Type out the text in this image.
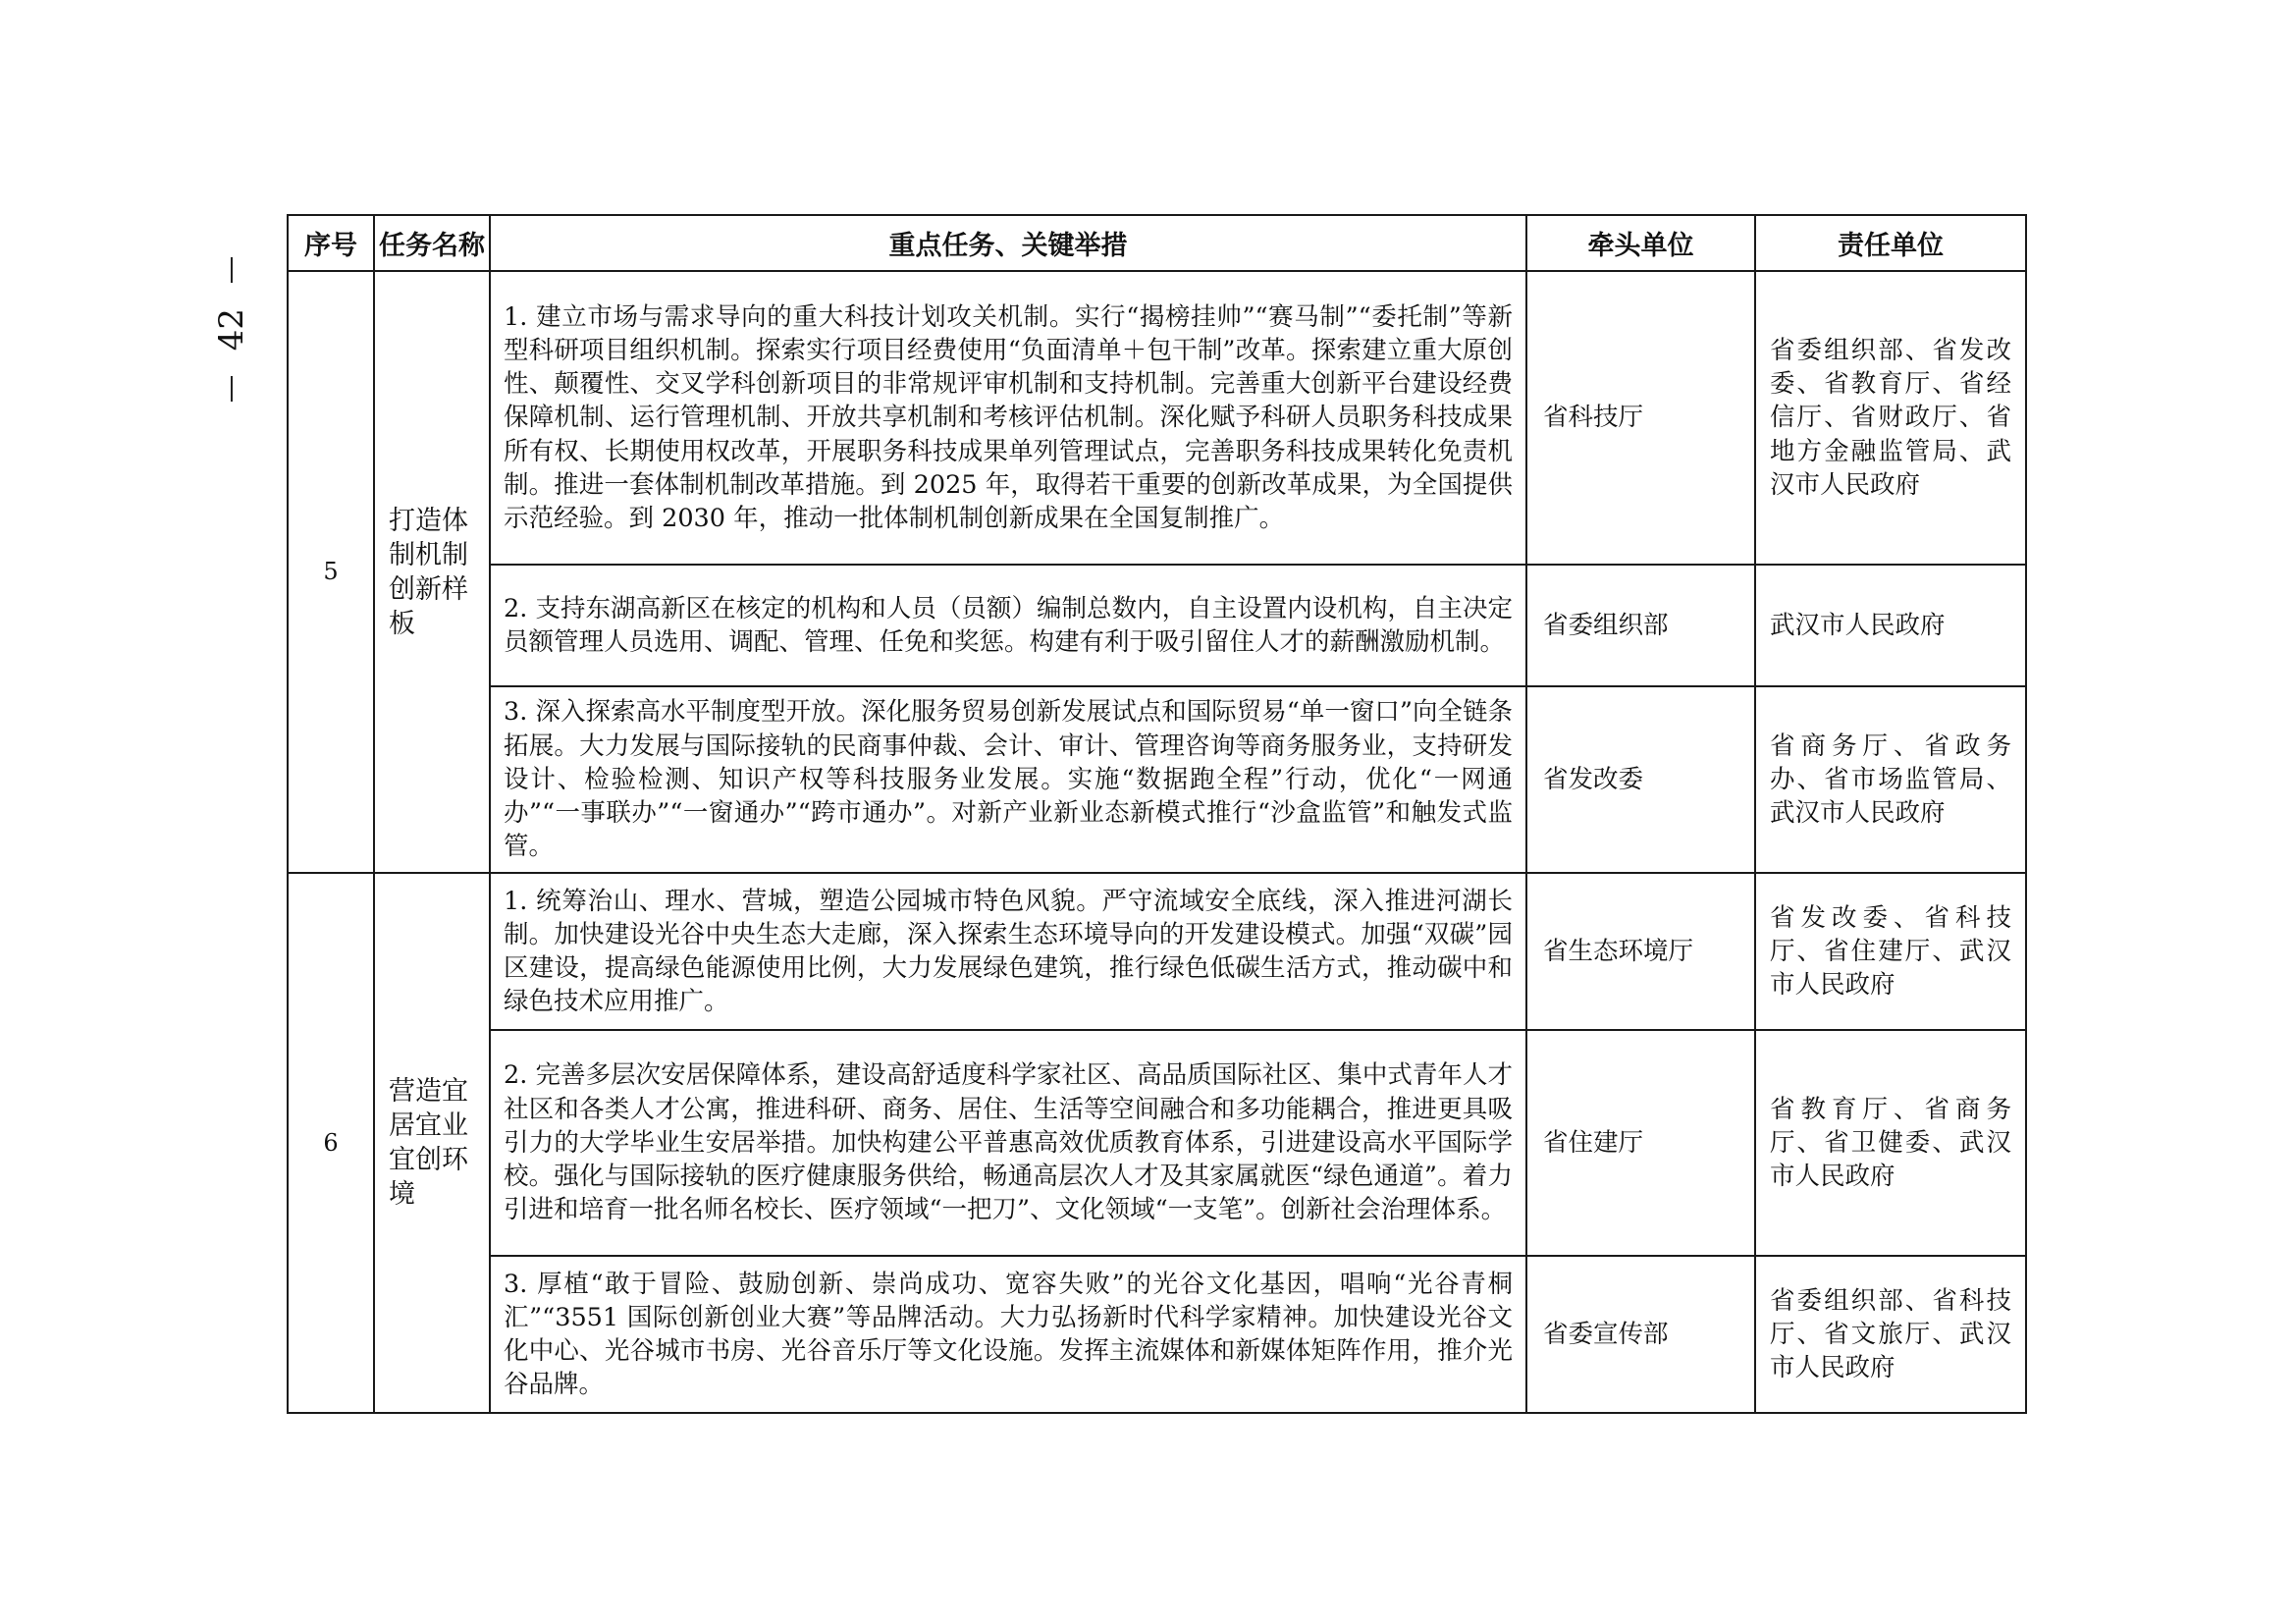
42
序号	任务名称	重点任务、关键举措	牵头单位	责任单位
5	打造体制机制创新样板	1. 建立市场与需求导向的重大科技计划攻关机制。实行“揭榜挂帅”“赛马制”“委托制”等新型科研项目组织机制。探索实行项目经费使用“负面清单＋包干制”改革。探索建立重大原创性、颠覆性、交叉学科创新项目的非常规评审机制和支持机制。完善重大创新平台建设经费保障机制、运行管理机制、开放共享机制和考核评估机制。深化赋予科研人员职务科技成果所有权、长期使用权改革，开展职务科技成果单列管理试点，完善职务科技成果转化免责机制。推进一套体制机制改革措施。到 2025 年，取得若干重要的创新改革成果，为全国提供示范经验。到 2030 年，推动一批体制机制创新成果在全国复制推广。	省科技厅	省委组织部、省发改委、省教育厅、省经信厅、省财政厅、省地方金融监管局、武汉市人民政府
		2. 支持东湖高新区在核定的机构和人员（员额）编制总数内，自主设置内设机构，自主决定员额管理人员选用、调配、管理、任免和奖惩。构建有利于吸引留住人才的薪酬激励机制。	省委组织部	武汉市人民政府
		3. 深入探索高水平制度型开放。深化服务贸易创新发展试点和国际贸易“单一窗口”向全链条拓展。大力发展与国际接轨的民商事仲裁、会计、审计、管理咨询等商务服务业，支持研发设计、检验检测、知识产权等科技服务业发展。实施“数据跑全程”行动，优化“一网通办”“一事联办”“一窗通办”“跨市通办”。对新产业新业态新模式推行“沙盒监管”和触发式监管。	省发改委	省商务厅、省政务办、省市场监管局、武汉市人民政府
6	营造宜居宜业宜创环境	1. 统筹治山、理水、营城，塑造公园城市特色风貌。严守流域安全底线，深入推进河湖长制。加快建设光谷中央生态大走廊，深入探索生态环境导向的开发建设模式。加强“双碳”园区建设，提高绿色能源使用比例，大力发展绿色建筑，推行绿色低碳生活方式，推动碳中和绿色技术应用推广。	省生态环境厅	省发改委、省科技厅、省住建厅、武汉市人民政府
		2. 完善多层次安居保障体系，建设高舒适度科学家社区、高品质国际社区、集中式青年人才社区和各类人才公寓，推进科研、商务、居住、生活等空间融合和多功能耦合，推进更具吸引力的大学毕业生安居举措。加快构建公平普惠高效优质教育体系，引进建设高水平国际学校。强化与国际接轨的医疗健康服务供给，畅通高层次人才及其家属就医“绿色通道”。着力引进和培育一批名师名校长、医疗领域“一把刀”、文化领域“一支笔”。创新社会治理体系。	省住建厅	省教育厅、省商务厅、省卫健委、武汉市人民政府
		3. 厚植“敢于冒险、鼓励创新、崇尚成功、宽容失败”的光谷文化基因，唱响“光谷青桐汇”“3551 国际创新创业大赛”等品牌活动。大力弘扬新时代科学家精神。加快建设光谷文化中心、光谷城市书房、光谷音乐厅等文化设施。发挥主流媒体和新媒体矩阵作用，推介光谷品牌。	省委宣传部	省委组织部、省科技厅、省文旅厅、武汉市人民政府
